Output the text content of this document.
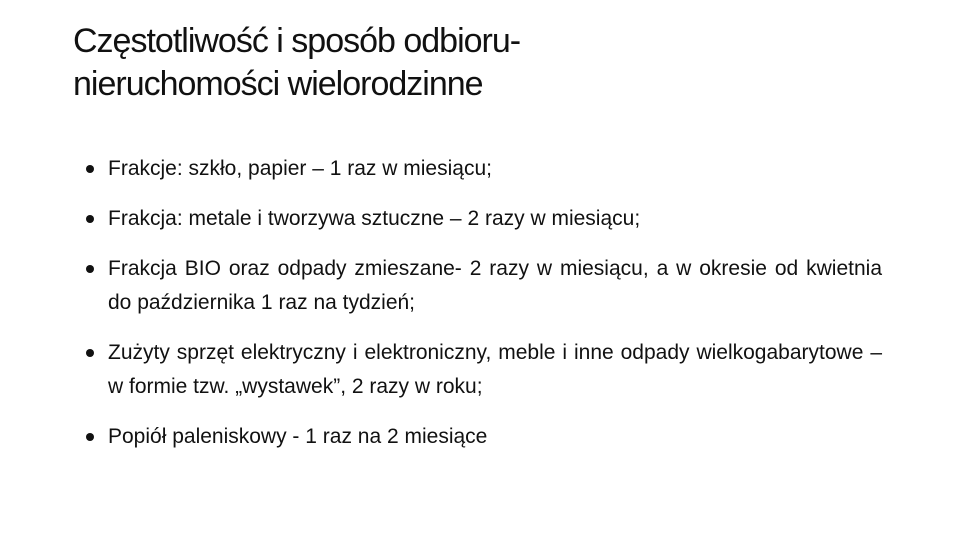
Częstotliwość i sposób odbioru-
nieruchomości wielorodzinne
Frakcje: szkło, papier – 1 raz w miesiącu;
Frakcja: metale i tworzywa sztuczne – 2 razy w miesiącu;
Frakcja BIO oraz odpady zmieszane- 2 razy w miesiącu, a w okresie od kwietnia do października 1 raz na tydzień;
Zużyty sprzęt elektryczny i elektroniczny, meble i inne odpady wielkogabarytowe – w formie tzw. „wystawek”, 2 razy w roku;
Popiół paleniskowy - 1 raz na 2 miesiące
